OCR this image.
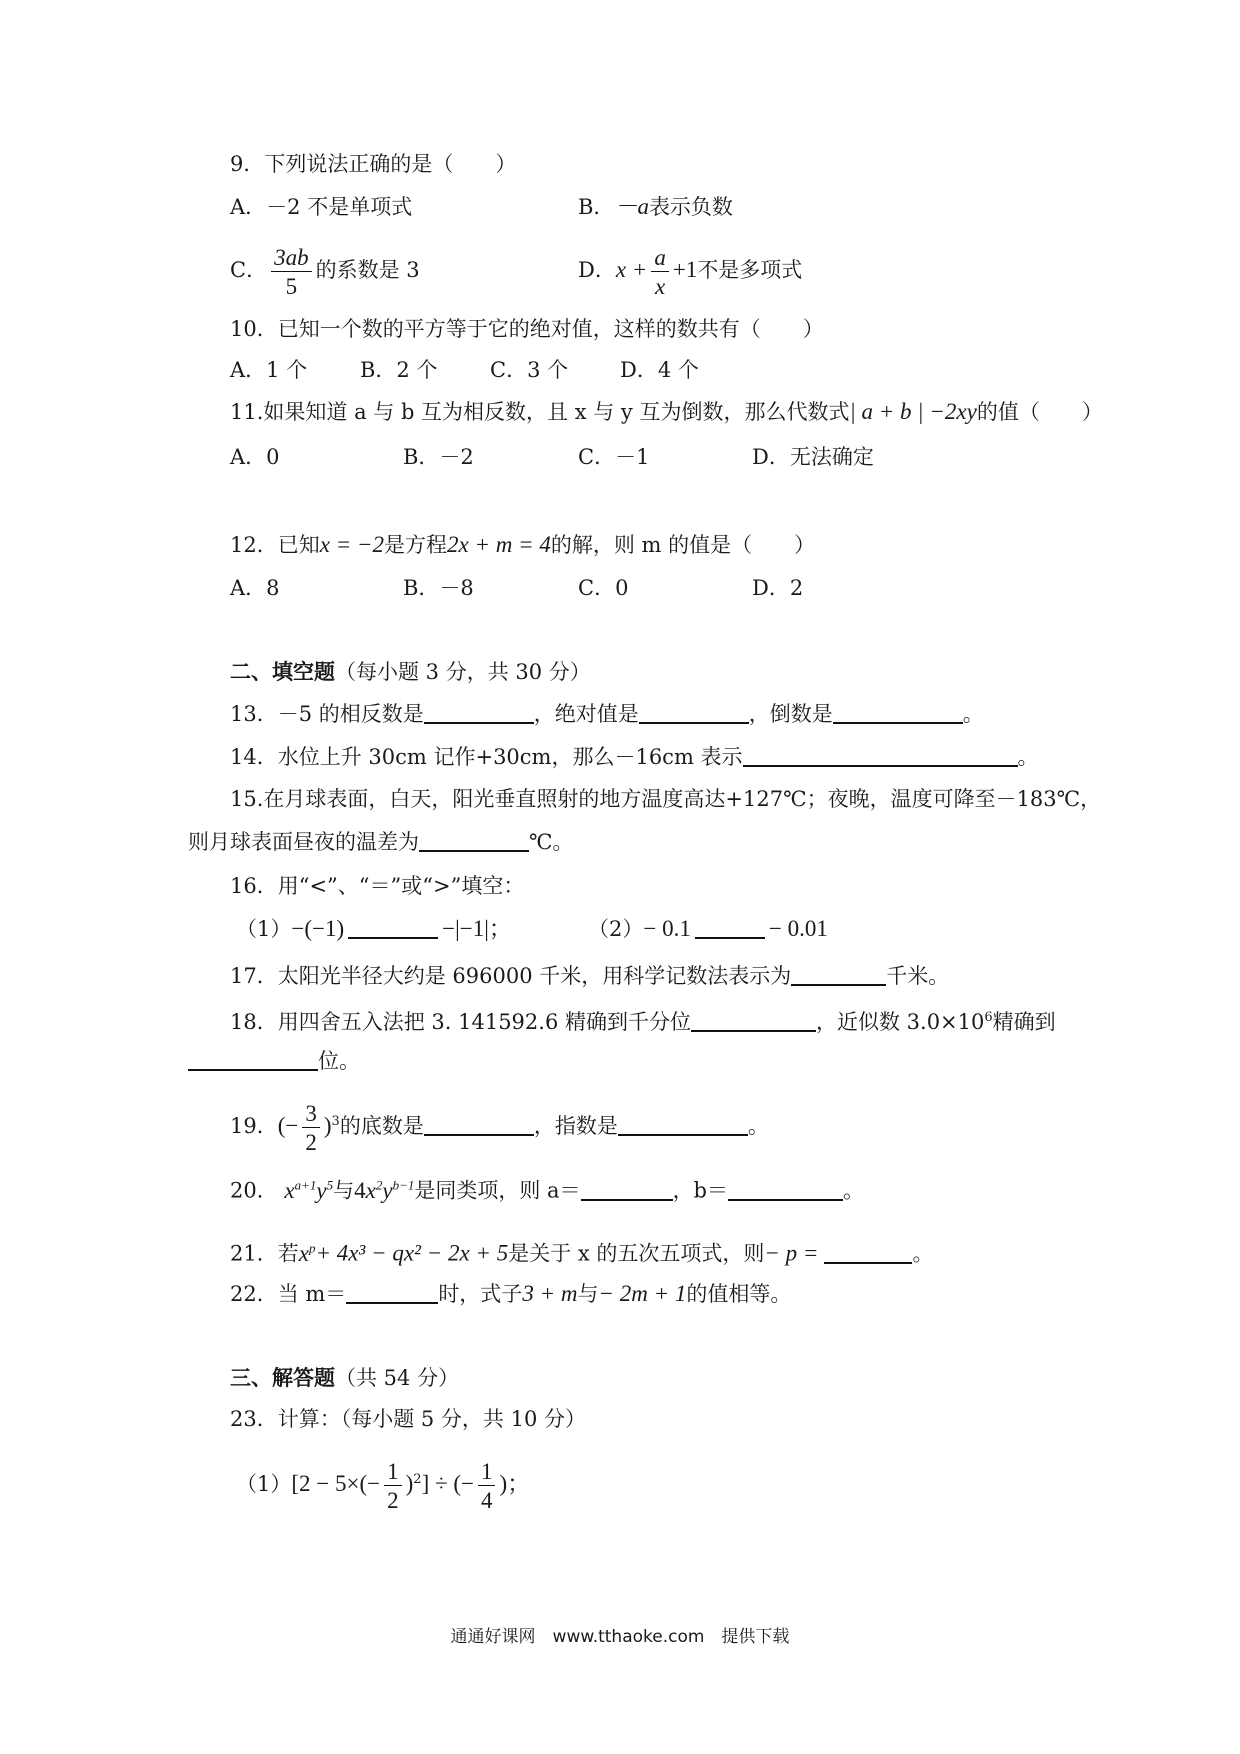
9．下列说法正确的是（　　）
A．－2 不是单项式	B．－a表示负数
C． $\frac{3ab}{5}$ 的系数是 3	D．$x + \frac{a}{x} +1$不是多项式
10．已知一个数的平方等于它的绝对值，这样的数共有（　　）
A．1 个	B．2 个	C．3 个 D．4 个
11.如果知道 a 与 b 互为相反数，且 x 与 y 互为倒数，那么代数式| a + b | −2xy的值（　　）
A．0	B．－2	C．－1	D．无法确定
12．已知x = −2是方程2x + m = 4的解，则 m 的值是（　　）
A．8	B．－8	C．0	D．2
二、填空题（每小题 3 分，共 30 分）
13．－5 的相反数是	，绝对值是	，倒数是	。
14．水位上升 30cm 记作+30cm，那么－16cm 表示	。
15.在月球表面，白天，阳光垂直照射的地方温度高达+127℃；夜晚，温度可降至－183℃，
则月球表面昼夜的温差为	℃。
16．用“<”、“＝”或“>”填空：
（1）−(−1)	−|−1|；	（2）− 0.1	− 0.01
17．太阳光半径大约是 696000 千米，用科学记数法表示为	千米。
18．用四舍五入法把 3. 141592.6 精确到千分位	，近似数 $3.0\times 10^6$精确到
位。
19．(− $\frac{3}{2} )^3$的底数是	，指数是	。
20． $x^{a+1}y^5$与$4x^2y^{b-1}$是同类项，则 a＝	，b＝	。
21．若$x^p+ 4x^3 - qx^2 - 2x + 5$是关于 x 的五次五项式，则− p =	。
22．当 m＝	时，式子3 + m与− 2m + 1的值相等。
三、解答题（共 54 分）
23．计算：（每小题 5 分，共 10 分）
$(1)[2 - 5\times(- \frac{1}{2} )^2]$ ÷ (− $\frac{1}{4}$ )；
通通好课网　www.tthaoke.com　提供下载
